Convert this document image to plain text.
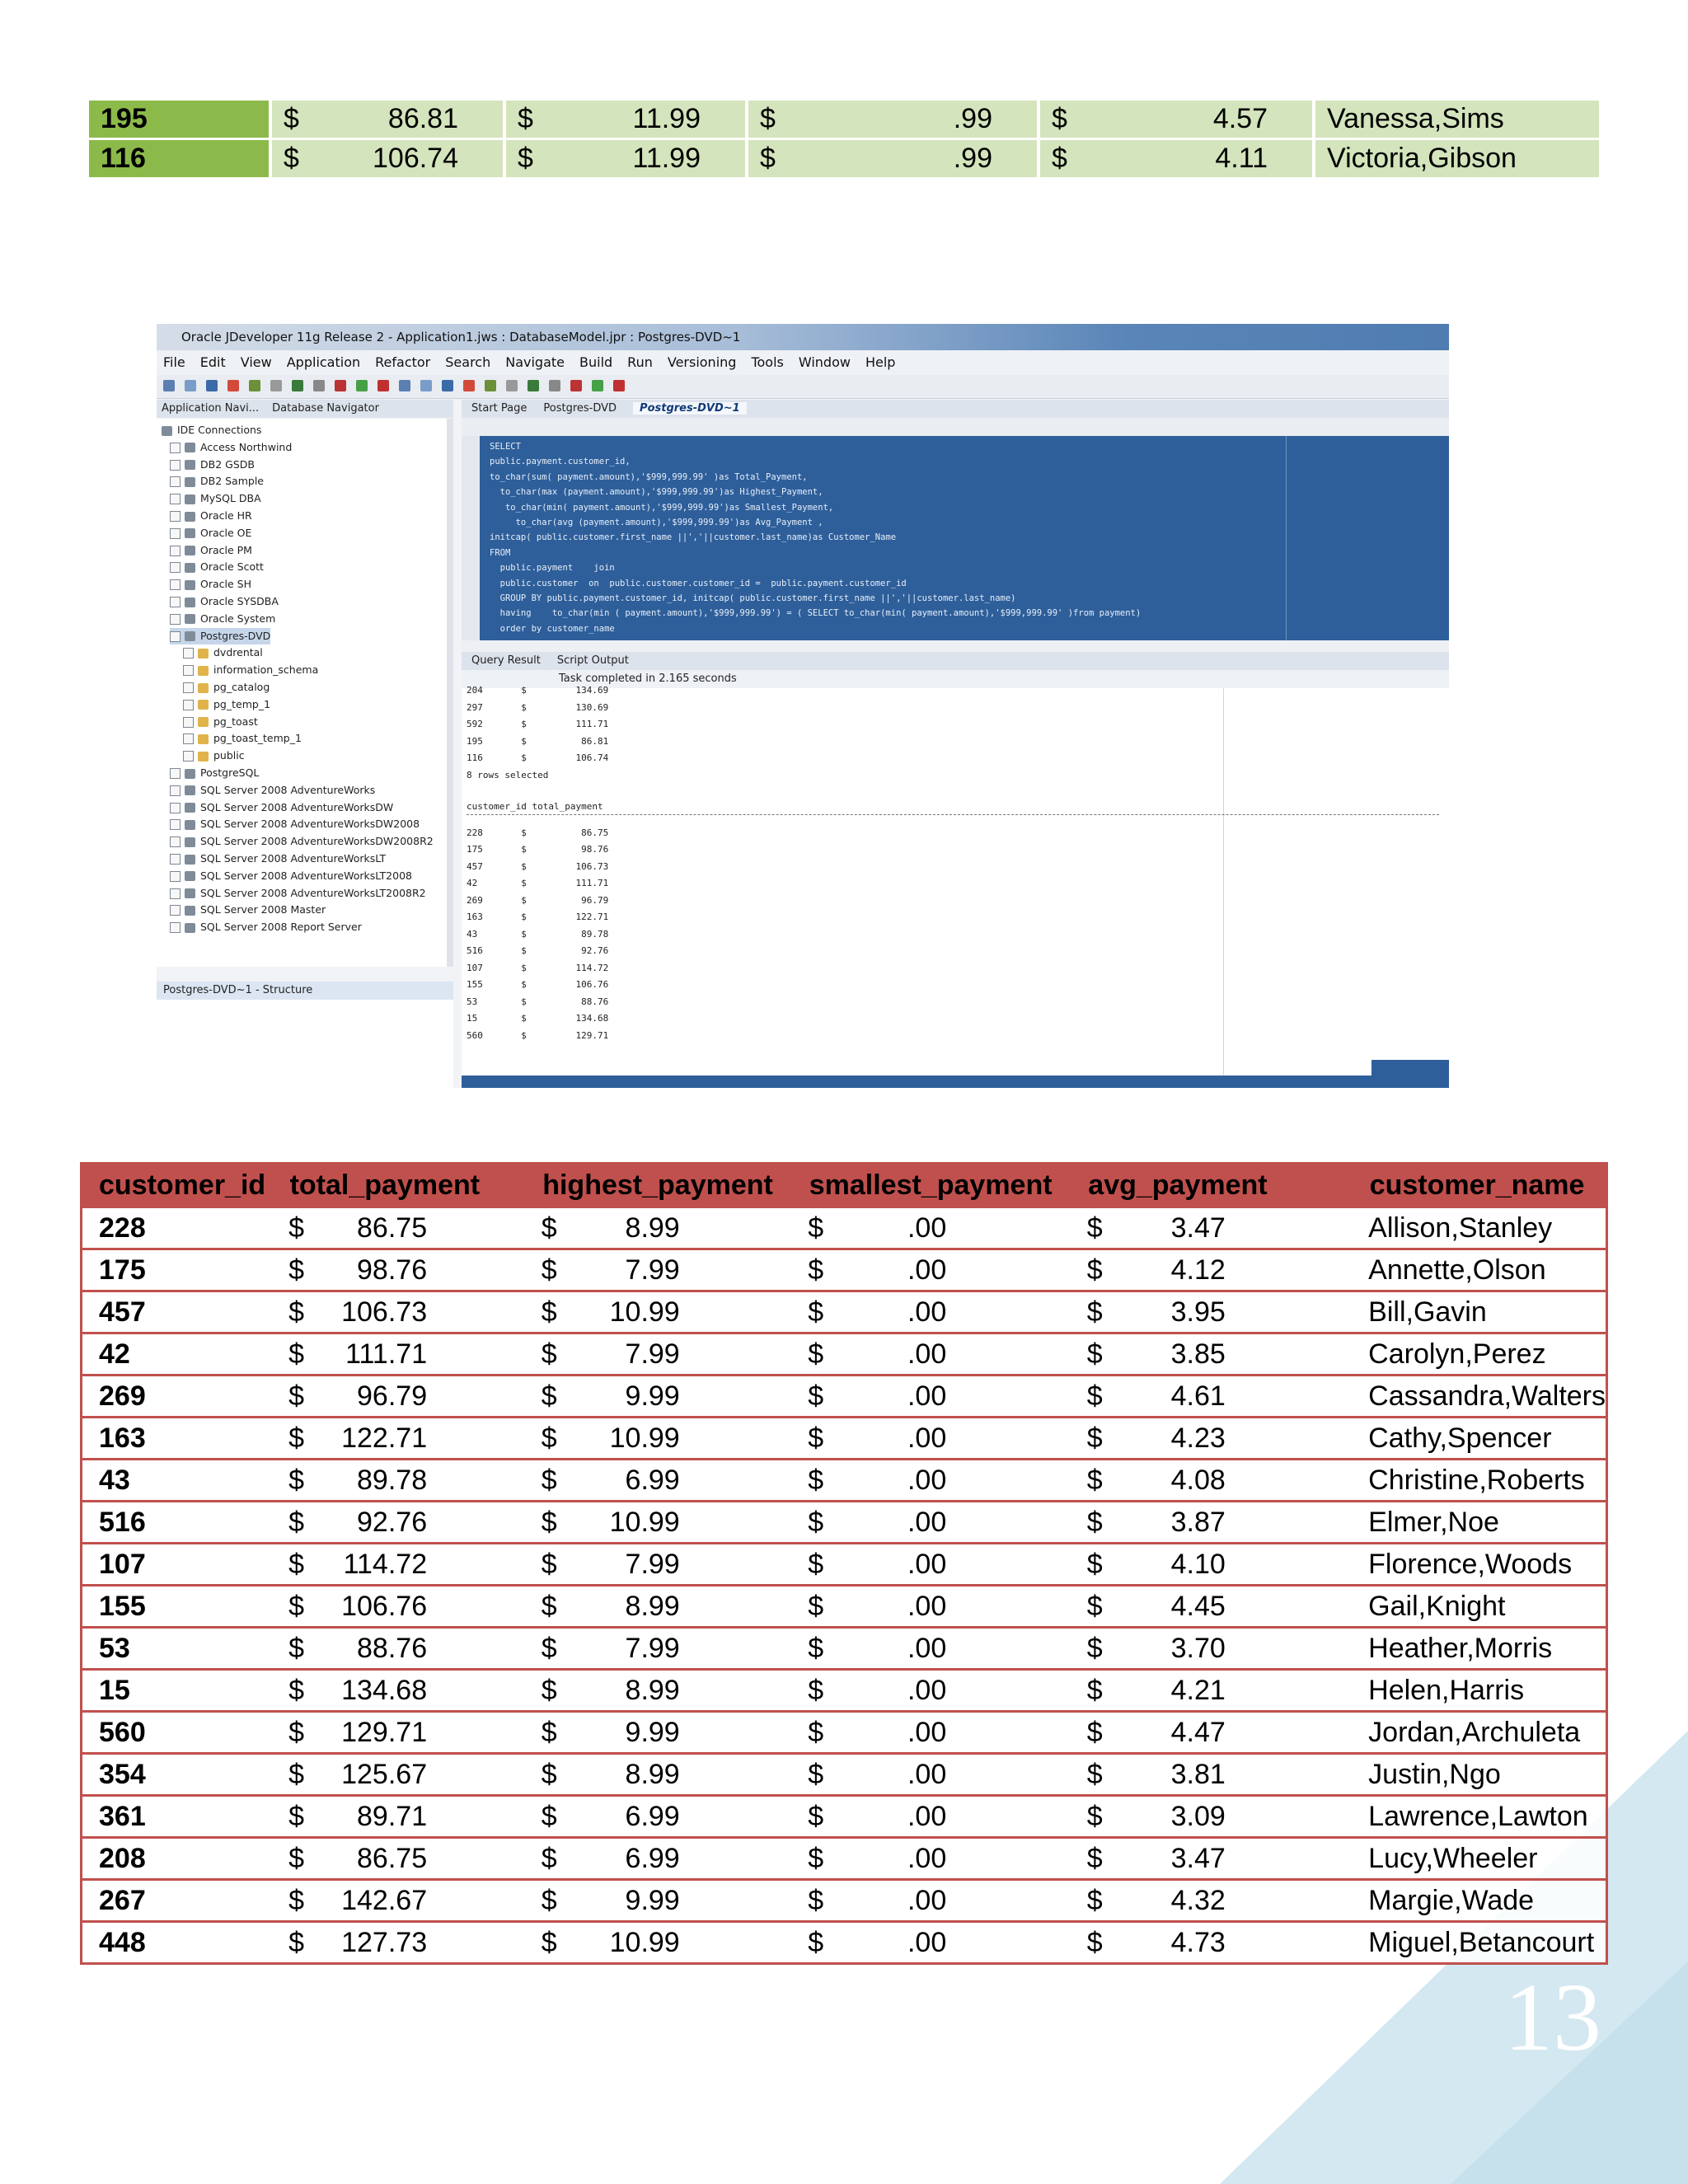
195	$ 86.81	$ 11.99	$ .99	$ 4.57	Vanessa,Sims
116	$ 106.74	$ 11.99	$ .99	$ 4.11	Victoria,Gibson
Oracle JDeveloper 11g Release 2 - Application1.jws : DatabaseModel.jpr : Postgres-DVD~1
File Edit View Application Refactor Search Navigate Build Run Versioning Tools Window Help
Application Navi... Database Navigator
IDE Connections
Access Northwind
DB2 GSDB
DB2 Sample
MySQL DBA
Oracle HR
Oracle OE
Oracle PM
Oracle Scott
Oracle SH
Oracle SYSDBA
Oracle System
Postgres-DVD
dvdrental
information_schema
pg_catalog
pg_temp_1
pg_toast
pg_toast_temp_1
public
PostgreSQL
SQL Server 2008 AdventureWorks
SQL Server 2008 AdventureWorksDW
SQL Server 2008 AdventureWorksDW2008
SQL Server 2008 AdventureWorksDW2008R2
SQL Server 2008 AdventureWorksLT
SQL Server 2008 AdventureWorksLT2008
SQL Server 2008 AdventureWorksLT2008R2
SQL Server 2008 Master
SQL Server 2008 Report Server
Postgres-DVD~1 - Structure
Start Page Postgres-DVD Postgres-DVD~1
SELECT
public.payment.customer_id,
to_char(sum( payment.amount),'$999,999.99' )as Total_Payment,
to_char(max (payment.amount),'$999,999.99')as Highest_Payment,
to_char(min( payment.amount),'$999,999.99')as Smallest_Payment,
to_char(avg (payment.amount),'$999,999.99')as Avg_Payment ,
initcap( public.customer.first_name ||','||customer.last_name)as Customer_Name
FROM
public.payment    join
public.customer  on  public.customer.customer_id =  public.payment.customer_id
GROUP BY public.payment.customer_id, initcap( public.customer.first_name ||','||customer.last_name)
having    to_char(min ( payment.amount),'$999,999.99') = ( SELECT to_char(min( payment.amount),'$999,999.99' )from payment)
order by customer_name
Query Result Script Output
Task completed in 2.165 seconds
204       $         134.69
297       $         130.69
592       $         111.71
195       $          86.81
116       $         106.74
8 rows selected
customer_id total_payment
228       $          86.75
175       $          98.76
457       $         106.73
42        $         111.71
269       $          96.79
163       $         122.71
43        $          89.78
516       $          92.76
107       $         114.72
155       $         106.76
53        $          88.76
15        $         134.68
560       $         129.71
customer_id	total_payment	highest_payment	smallest_payment	avg_payment	customer_name
228	$ 86.75	$ 8.99	$ .00	$ 3.47	Allison,Stanley
175	$ 98.76	$ 7.99	$ .00	$ 4.12	Annette,Olson
457	$ 106.73	$ 10.99	$ .00	$ 3.95	Bill,Gavin
42	$ 111.71	$ 7.99	$ .00	$ 3.85	Carolyn,Perez
269	$ 96.79	$ 9.99	$ .00	$ 4.61	Cassandra,Walters
163	$ 122.71	$ 10.99	$ .00	$ 4.23	Cathy,Spencer
43	$ 89.78	$ 6.99	$ .00	$ 4.08	Christine,Roberts
516	$ 92.76	$ 10.99	$ .00	$ 3.87	Elmer,Noe
107	$ 114.72	$ 7.99	$ .00	$ 4.10	Florence,Woods
155	$ 106.76	$ 8.99	$ .00	$ 4.45	Gail,Knight
53	$ 88.76	$ 7.99	$ .00	$ 3.70	Heather,Morris
15	$ 134.68	$ 8.99	$ .00	$ 4.21	Helen,Harris
560	$ 129.71	$ 9.99	$ .00	$ 4.47	Jordan,Archuleta
354	$ 125.67	$ 8.99	$ .00	$ 3.81	Justin,Ngo
361	$ 89.71	$ 6.99	$ .00	$ 3.09	Lawrence,Lawton
208	$ 86.75	$ 6.99	$ .00	$ 3.47	Lucy,Wheeler
267	$ 142.67	$ 9.99	$ .00	$ 4.32	Margie,Wade
448	$ 127.73	$ 10.99	$ .00	$ 4.73	Miguel,Betancourt
13
